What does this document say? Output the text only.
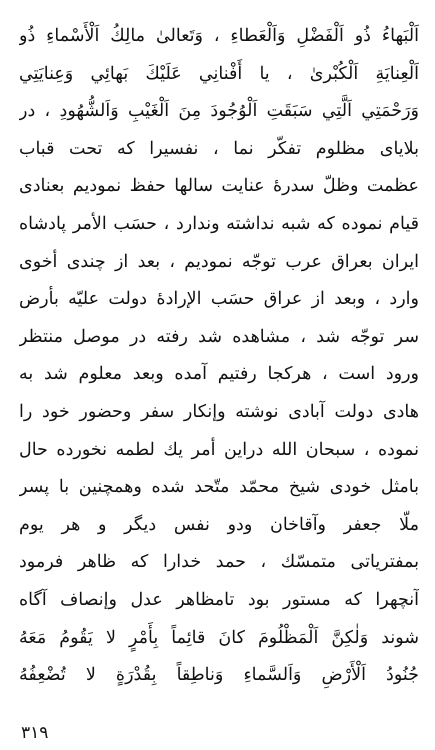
اَلْبَهاءُ ذُو اَلْفَضْلِ وَاَلْعَطاءِ ، وَتَعالىٰ مالِكُ اَلْأَسْماءِ ذُو
اَلْعِنايَةِ اَلْكُبْرىٰ ، يا أَفْنانِي عَلَيْكَ بَهائِي وَعِنايَتِي
وَرَحْمَتِي اَلَّتِي سَبَقَتِ اَلْوُجُودَ مِنَ اَلْغَيْبِ وَاَلشُّهُودِ ، در
بلاياى مظلوم تفكّر نما ، نفسيرا كه تحت قباب
عظمت وظلّ سدرهٔ عنايت سالها حفظ نموديم بعنادى
قيام نموده كه شبه نداشته وندارد ، حسَب الأمر پادشاه
ايران بعراق عرب توجّه نموديم ، بعد از چندى أخوى
وارد ، وبعد از عراق حسَب الإرادهٔ دولت عليّه بأرض
سر توجّه شد ، مشاهده شد رفته در موصل منتظر
ورود است ، هركجا رفتيم آمده وبعد معلوم شد به
هادى دولت آبادى نوشته وإنكار سفر وحضور خود را
نموده ، سبحان الله دراين أمر يك لطمه نخورده حال
بامثل خودى شيخ محمّد متّحد شده وهمچنين با پسر
ملّا جعفر وآقاخان ودو نفس ديگر و هر يوم
بمفترياتى متمسّك ، حمد خدارا كه ظاهر فرمود
آنچهرا كه مستور بود تامظاهر عدل وإنصاف آگاه
شوند وَلٰكِنَّ اَلْمَظْلُومَ كانَ قائِماً بِأَمْرٍ لا يَقُومُ مَعَهُ
جُنُودُ اَلْأَرْضِ وَاَلسَّماءِ وَناطِقاً بِقُدْرَةٍ لا تُضْعِفُهُ
۳۱۹
